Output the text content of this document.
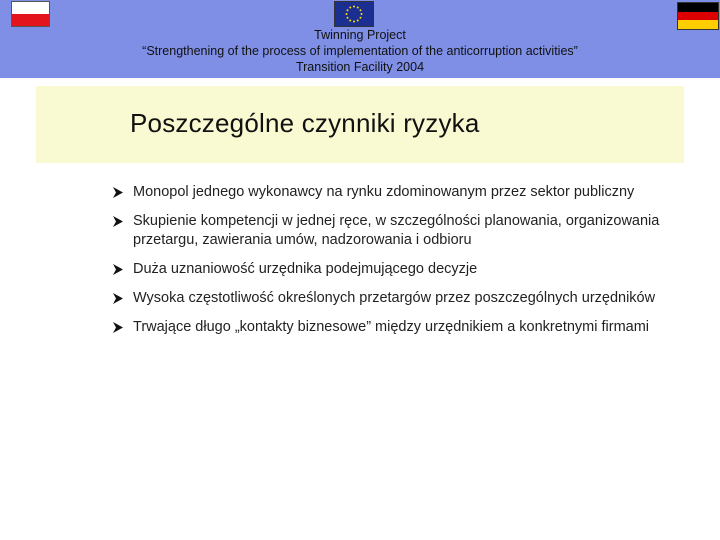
Twinning Project
“Strengthening of the process of implementation of the anticorruption activities”
Transition Facility 2004
Poszczególne czynniki ryzyka
Monopol jednego wykonawcy na rynku zdominowanym przez sektor publiczny
Skupienie kompetencji w jednej ręce, w szczególności planowania, organizowania przetargu, zawierania umów, nadzorowania i odbioru
Duża uznaniowość urzędnika podejmującego decyzje
Wysoka częstotliwość określonych przetargów przez poszczególnych urzędników
Trwające długo „kontakty biznesowe” między urzędnikiem a konkretnymi firmami
